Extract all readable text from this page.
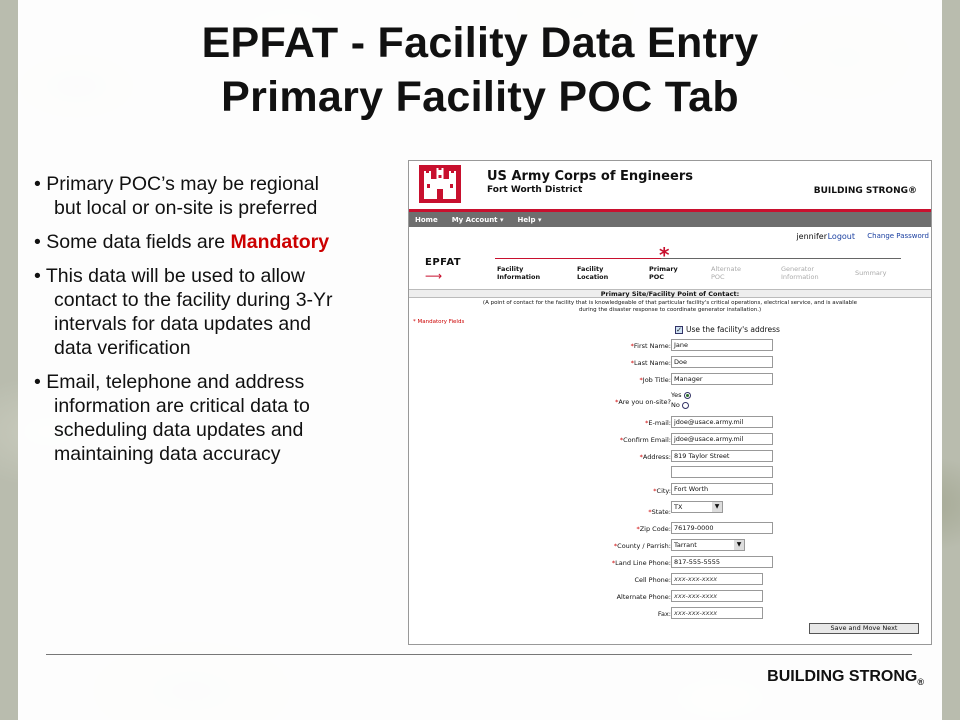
EPFAT - Facility Data Entry
Primary Facility POC Tab
• Primary POC’s may be regional
but local or on-site is preferred
• Some data fields are Mandatory
• This data will be used to allow
contact to the facility during 3-Yr
intervals for data updates and
data verification
• Email, telephone and address
information are critical data to
scheduling data updates and
maintaining data accuracy
US Army Corps of Engineers
Fort Worth District	BUILDING STRONG®
Home My Account ▾ Help ▾
jennifer Logout Change Password
EPFAT
⟶
*
Facility
Information
Facility
Location
Primary
POC
Alternate
POC
Generator
Information	Summary
Primary Site/Facility Point of Contact:
(A point of contact for the facility that is knowledgeable of that particular facility's critical operations, electrical service, and is available
during the disaster response to coordinate generator installation.)
* Mandatory Fields
✓ Use the facility's address
*First Name: Jane
*Last Name: Doe
*Job Title: Manager
*Are you on-site?
Yes
No
*E-mail: jdoe@usace.army.mil
*Confirm Email: jdoe@usace.army.mil
*Address: 819 Taylor Street
*City: Fort Worth
*State:
TX	▼
*Zip Code: 76179-0000
*County / Parrish: Tarrant	▼
*Land Line Phone: 817-555-5555
Cell Phone: xxx-xxx-xxxx
Alternate Phone: xxx-xxx-xxxx
Fax: xxx-xxx-xxxx
Save and Move Next
BUILDING $STRONG_®$
